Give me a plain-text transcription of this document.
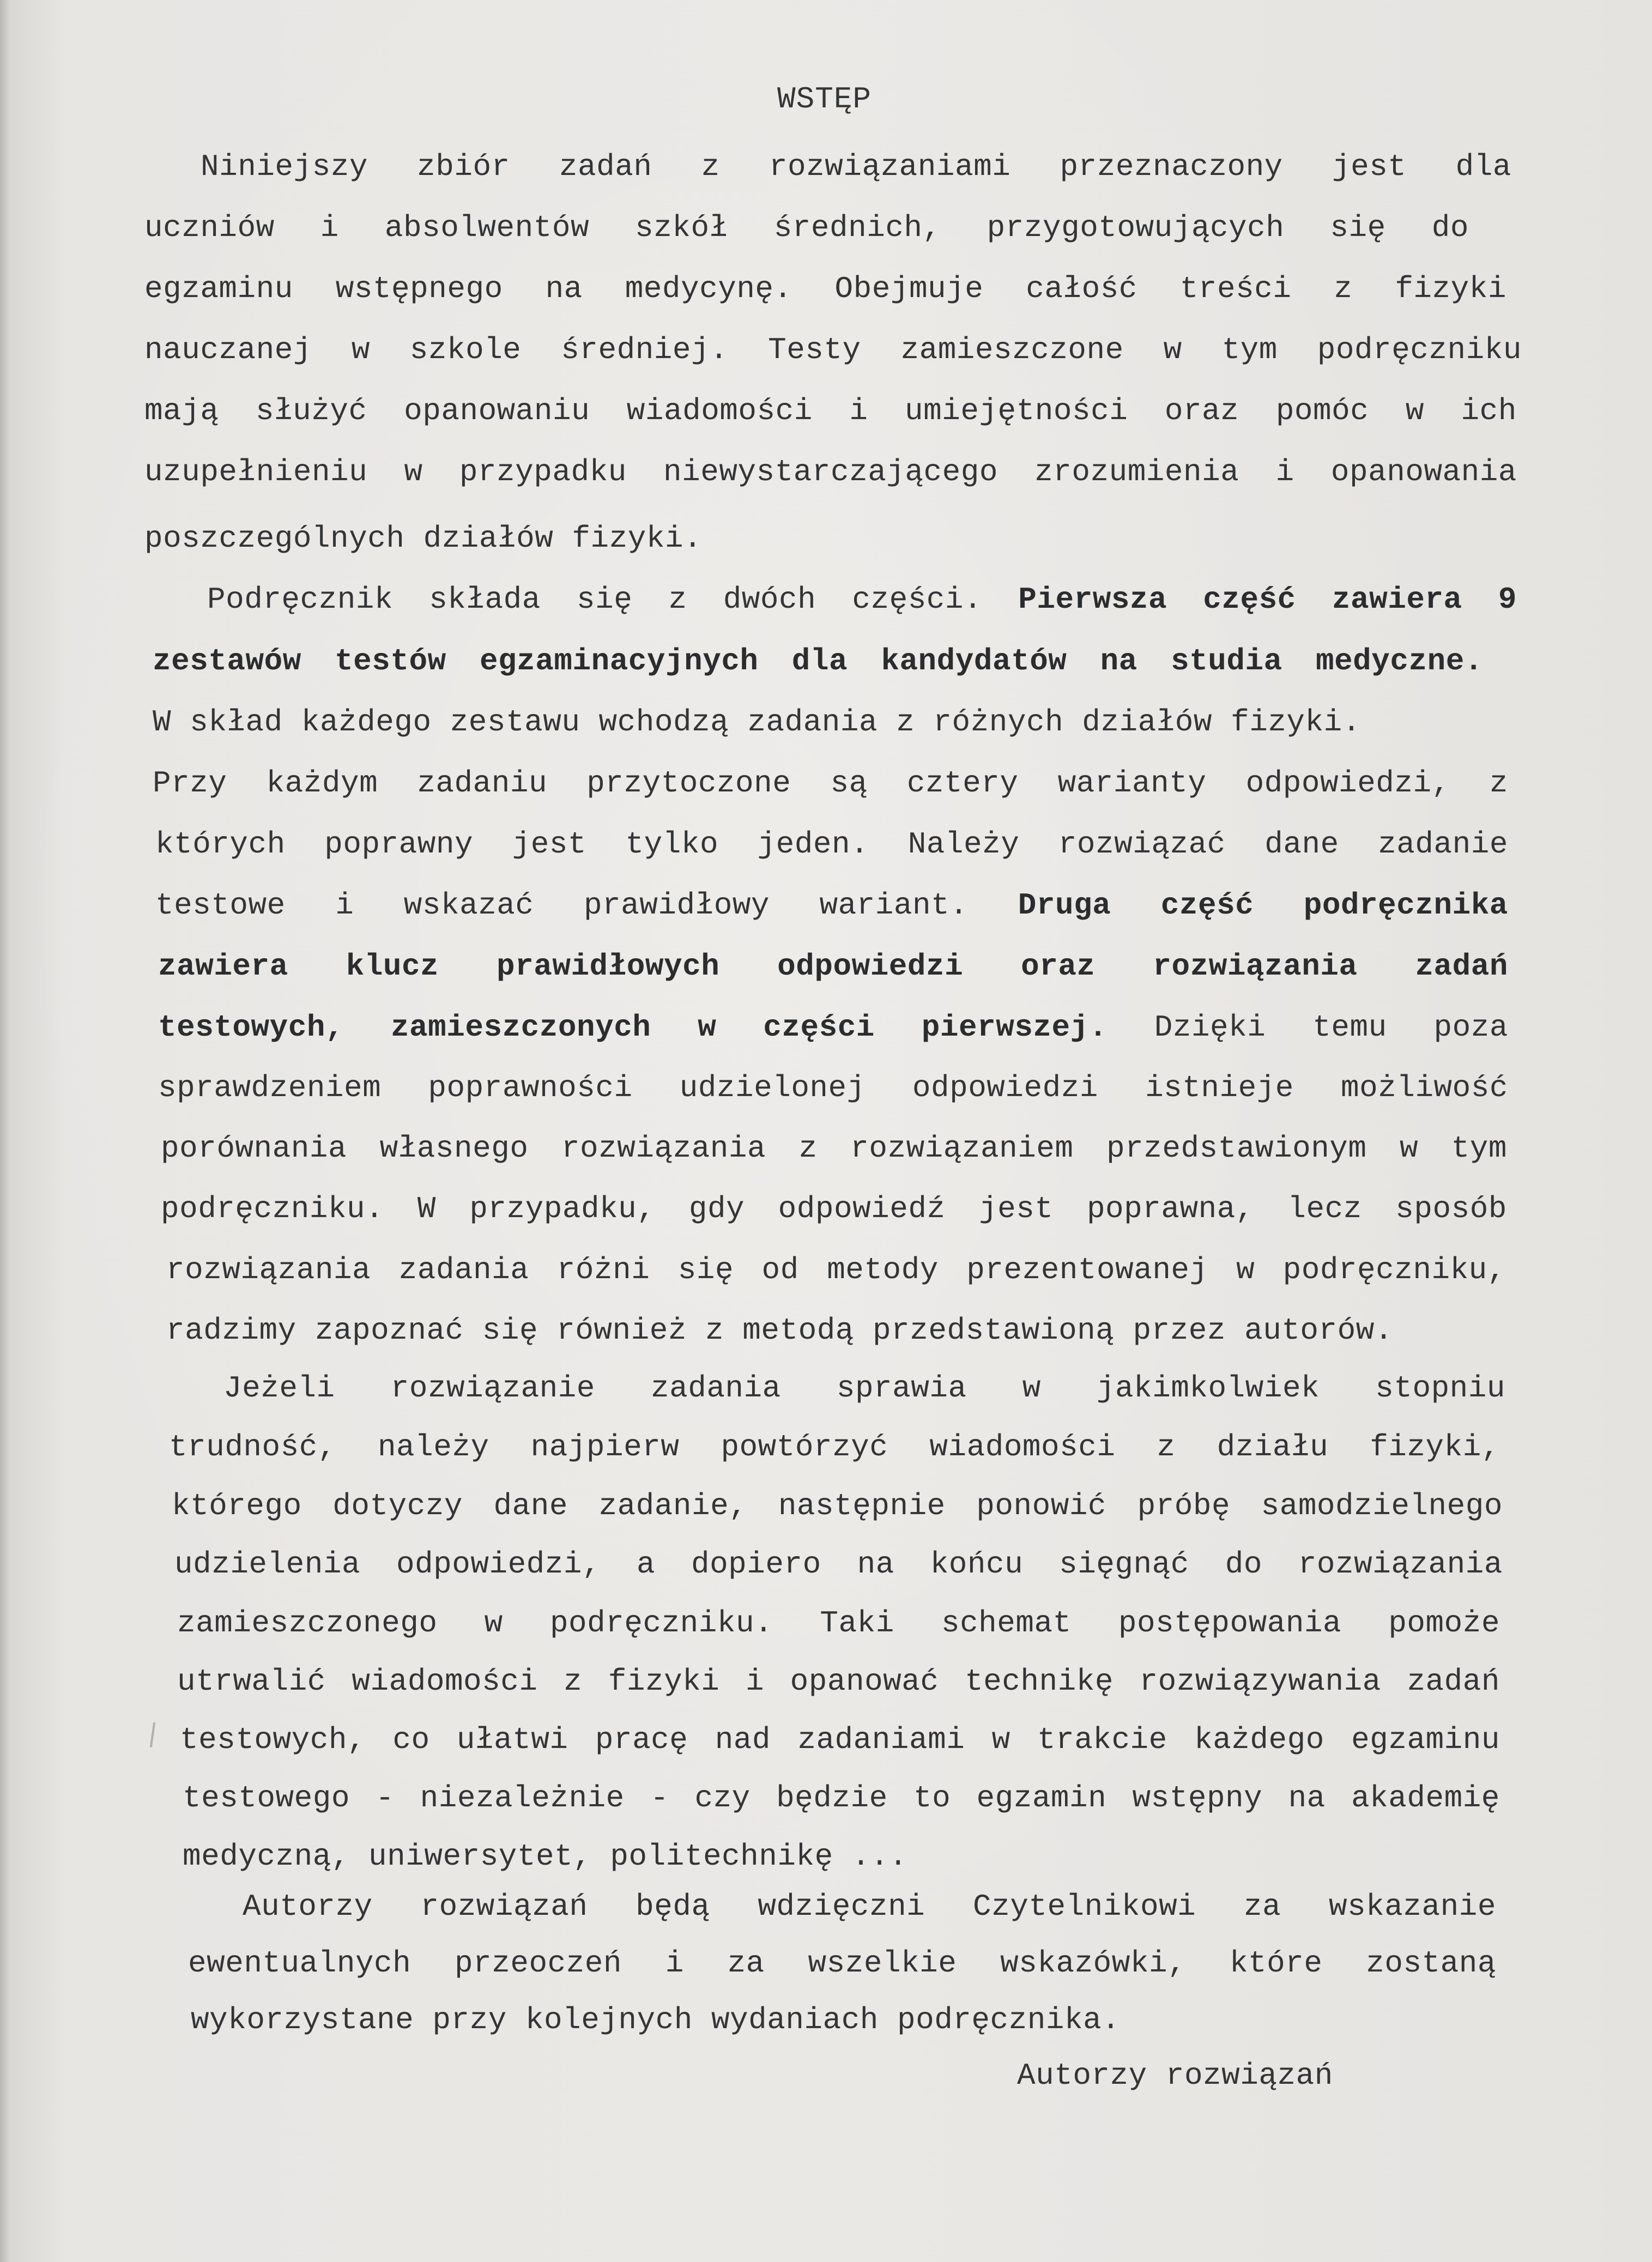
WSTĘP
Niniejszy zbiór zadań z rozwiązaniami przeznaczony jest dla
uczniów i absolwentów szkół średnich, przygotowujących się do
egzaminu wstępnego na medycynę. Obejmuje całość treści z fizyki
nauczanej w szkole średniej. Testy zamieszczone w tym podręczniku
mają służyć opanowaniu wiadomości i umiejętności oraz pomóc w ich
uzupełnieniu w przypadku niewystarczającego zrozumienia i opanowania
poszczególnych działów fizyki.
Podręcznik składa się z dwóch części. Pierwsza część zawiera 9
zestawów testów egzaminacyjnych dla kandydatów na studia medyczne.
W skład każdego zestawu wchodzą zadania z różnych działów fizyki.
Przy każdym zadaniu przytoczone są cztery warianty odpowiedzi, z
których poprawny jest tylko jeden. Należy rozwiązać dane zadanie
testowe i wskazać prawidłowy wariant. Druga część podręcznika
zawiera klucz prawidłowych odpowiedzi oraz rozwiązania zadań
testowych, zamieszczonych w części pierwszej. Dzięki temu poza
sprawdzeniem poprawności udzielonej odpowiedzi istnieje możliwość
porównania własnego rozwiązania z rozwiązaniem przedstawionym w tym
podręczniku. W przypadku, gdy odpowiedź jest poprawna, lecz sposób
rozwiązania zadania różni się od metody prezentowanej w podręczniku,
radzimy zapoznać się również z metodą przedstawioną przez autorów.
Jeżeli rozwiązanie zadania sprawia w jakimkolwiek stopniu
trudność, należy najpierw powtórzyć wiadomości z działu fizyki,
którego dotyczy dane zadanie, następnie ponowić próbę samodzielnego
udzielenia odpowiedzi, a dopiero na końcu sięgnąć do rozwiązania
zamieszczonego w podręczniku. Taki schemat postępowania pomoże
utrwalić wiadomości z fizyki i opanować technikę rozwiązywania zadań
testowych, co ułatwi pracę nad zadaniami w trakcie każdego egzaminu
testowego - niezależnie - czy będzie to egzamin wstępny na akademię
medyczną, uniwersytet, politechnikę ...
Autorzy rozwiązań będą wdzięczni Czytelnikowi za wskazanie
ewentualnych przeoczeń i za wszelkie wskazówki, które zostaną
wykorzystane przy kolejnych wydaniach podręcznika.
Autorzy rozwiązań
